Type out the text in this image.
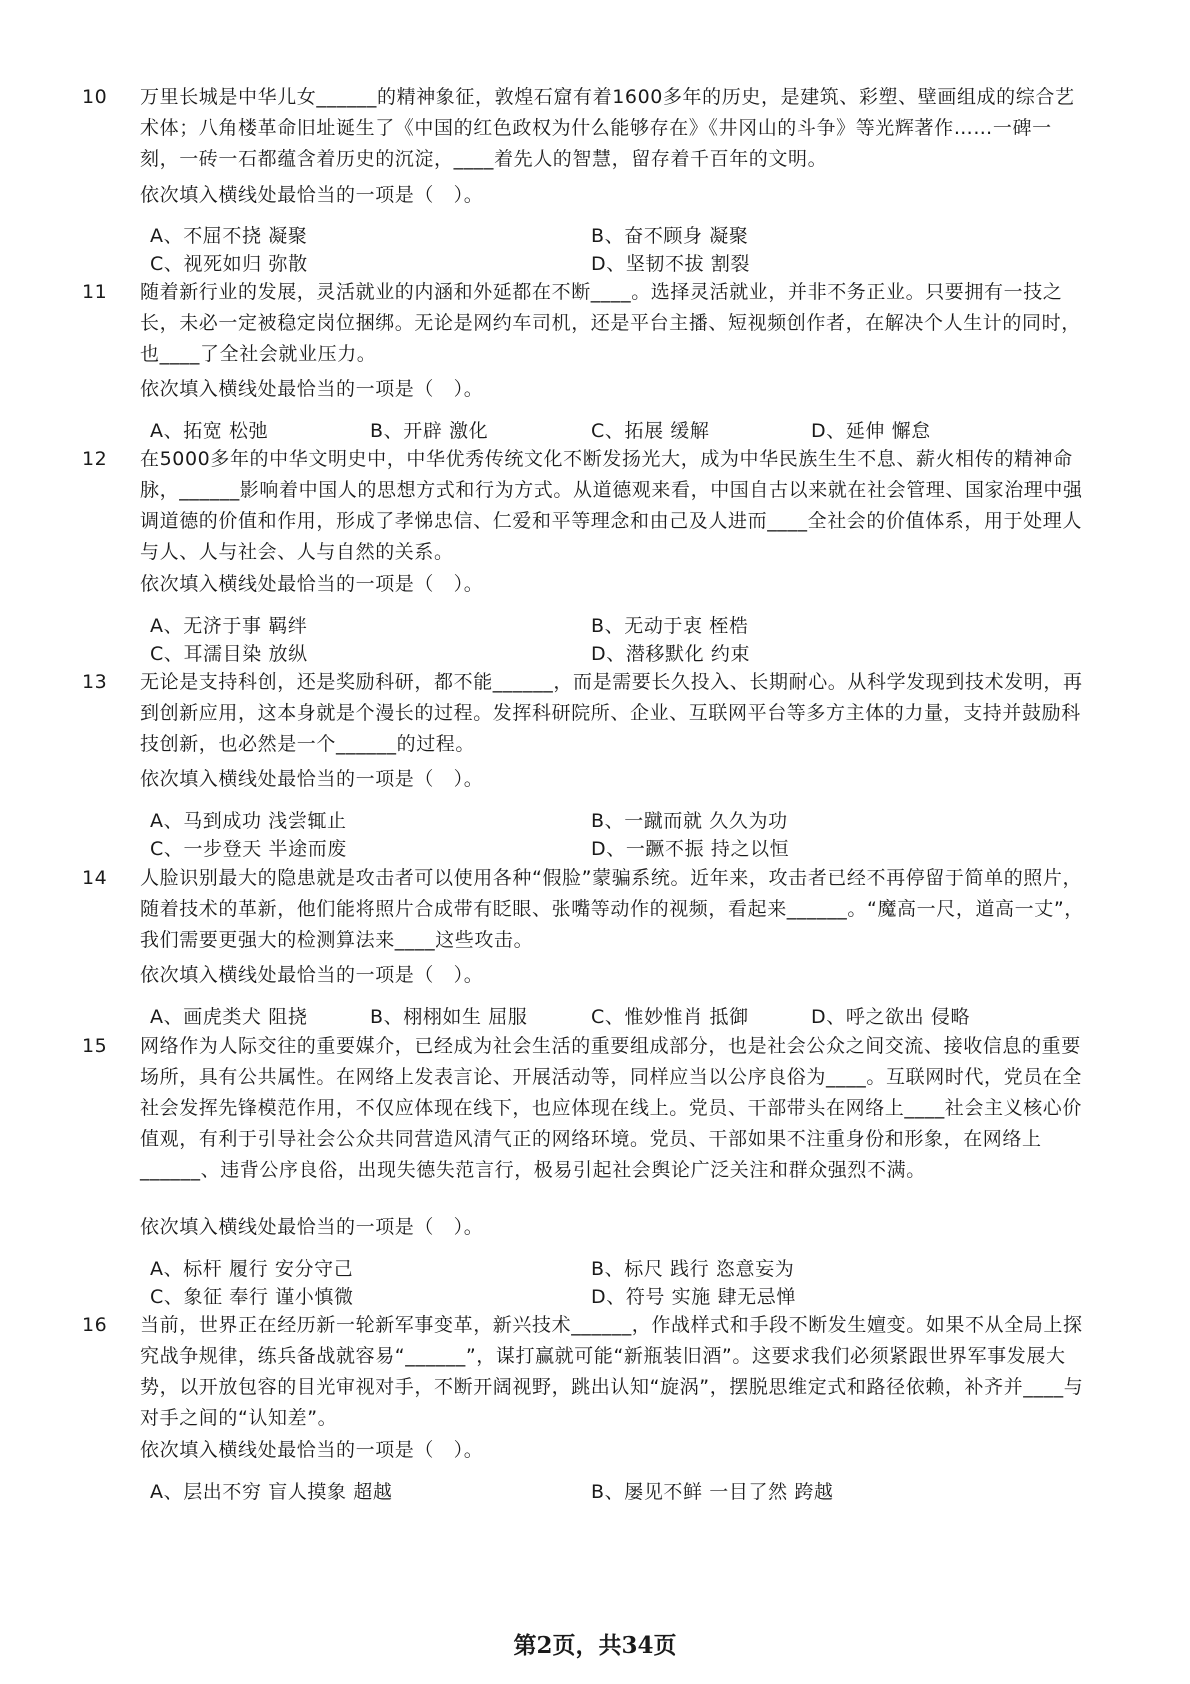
10 万里长城是中华儿女______的精神象征，敦煌石窟有着1600多年的历史，是建筑、彩塑、壁画组成的综合艺术体；八角楼革命旧址诞生了《中国的红色政权为什么能够存在》《井冈山的斗争》等光辉著作……一碑一刻，一砖一石都蕴含着历史的沉淀，____着先人的智慧，留存着千百年的文明。

依次填入横线处最恰当的一项是（　）。
A、不屈不挠 凝聚	B、奋不顾身 凝聚
C、视死如归 弥散	D、坚韧不拔 割裂
11 随着新行业的发展，灵活就业的内涵和外延都在不断____。选择灵活就业，并非不务正业。只要拥有一技之长，未必一定被稳定岗位捆绑。无论是网约车司机，还是平台主播、短视频创作者，在解决个人生计的同时，也____了全社会就业压力。

依次填入横线处最恰当的一项是（　）。
A、拓宽 松弛	B、开辟 激化	C、拓展 缓解	D、延伸 懈怠
12 在5000多年的中华文明史中，中华优秀传统文化不断发扬光大，成为中华民族生生不息、薪火相传的精神命脉，______影响着中国人的思想方式和行为方式。从道德观来看，中国自古以来就在社会管理、国家治理中强调道德的价值和作用，形成了孝悌忠信、仁爱和平等理念和由己及人进而____全社会的价值体系，用于处理人与人、人与社会、人与自然的关系。

依次填入横线处最恰当的一项是（　）。
A、无济于事 羁绊	B、无动于衷 桎梏
C、耳濡目染 放纵	D、潜移默化 约束
13 无论是支持科创，还是奖励科研，都不能______，而是需要长久投入、长期耐心。从科学发现到技术发明，再到创新应用，这本身就是个漫长的过程。发挥科研院所、企业、互联网平台等多方主体的力量，支持并鼓励科技创新，也必然是一个______的过程。

依次填入横线处最恰当的一项是（　）。
A、马到成功 浅尝辄止	B、一蹴而就 久久为功
C、一步登天 半途而废	D、一蹶不振 持之以恒
14 人脸识别最大的隐患就是攻击者可以使用各种“假脸”蒙骗系统。近年来，攻击者已经不再停留于简单的照片，随着技术的革新，他们能将照片合成带有眨眼、张嘴等动作的视频，看起来______。“魔高一尺，道高一丈”，我们需要更强大的检测算法来____这些攻击。

依次填入横线处最恰当的一项是（　）。
A、画虎类犬 阻挠	B、栩栩如生 屈服	C、惟妙惟肖 抵御	D、呼之欲出 侵略
15 网络作为人际交往的重要媒介，已经成为社会生活的重要组成部分，也是社会公众之间交流、接收信息的重要场所，具有公共属性。在网络上发表言论、开展活动等，同样应当以公序良俗为____。互联网时代，党员在全社会发挥先锋模范作用，不仅应体现在线下，也应体现在线上。党员、干部带头在网络上____社会主义核心价值观，有利于引导社会公众共同营造风清气正的网络环境。党员、干部如果不注重身份和形象，在网络上______、违背公序良俗，出现失德失范言行，极易引起社会舆论广泛关注和群众强烈不满。

依次填入横线处最恰当的一项是（　）。
A、标杆 履行 安分守己	B、标尺 践行 恣意妄为
C、象征 奉行 谨小慎微	D、符号 实施 肆无忌惮
16 当前，世界正在经历新一轮新军事变革，新兴技术______，作战样式和手段不断发生嬗变。如果不从全局上探究战争规律，练兵备战就容易“______”，谋打赢就可能“新瓶装旧酒”。这要求我们必须紧跟世界军事发展大势，以开放包容的目光审视对手，不断开阔视野，跳出认知“旋涡”，摆脱思维定式和路径依赖，补齐并____与对手之间的“认知差”。

依次填入横线处最恰当的一项是（　）。
A、层出不穷 盲人摸象 超越	B、屡见不鲜 一目了然 跨越
第2页，共34页
